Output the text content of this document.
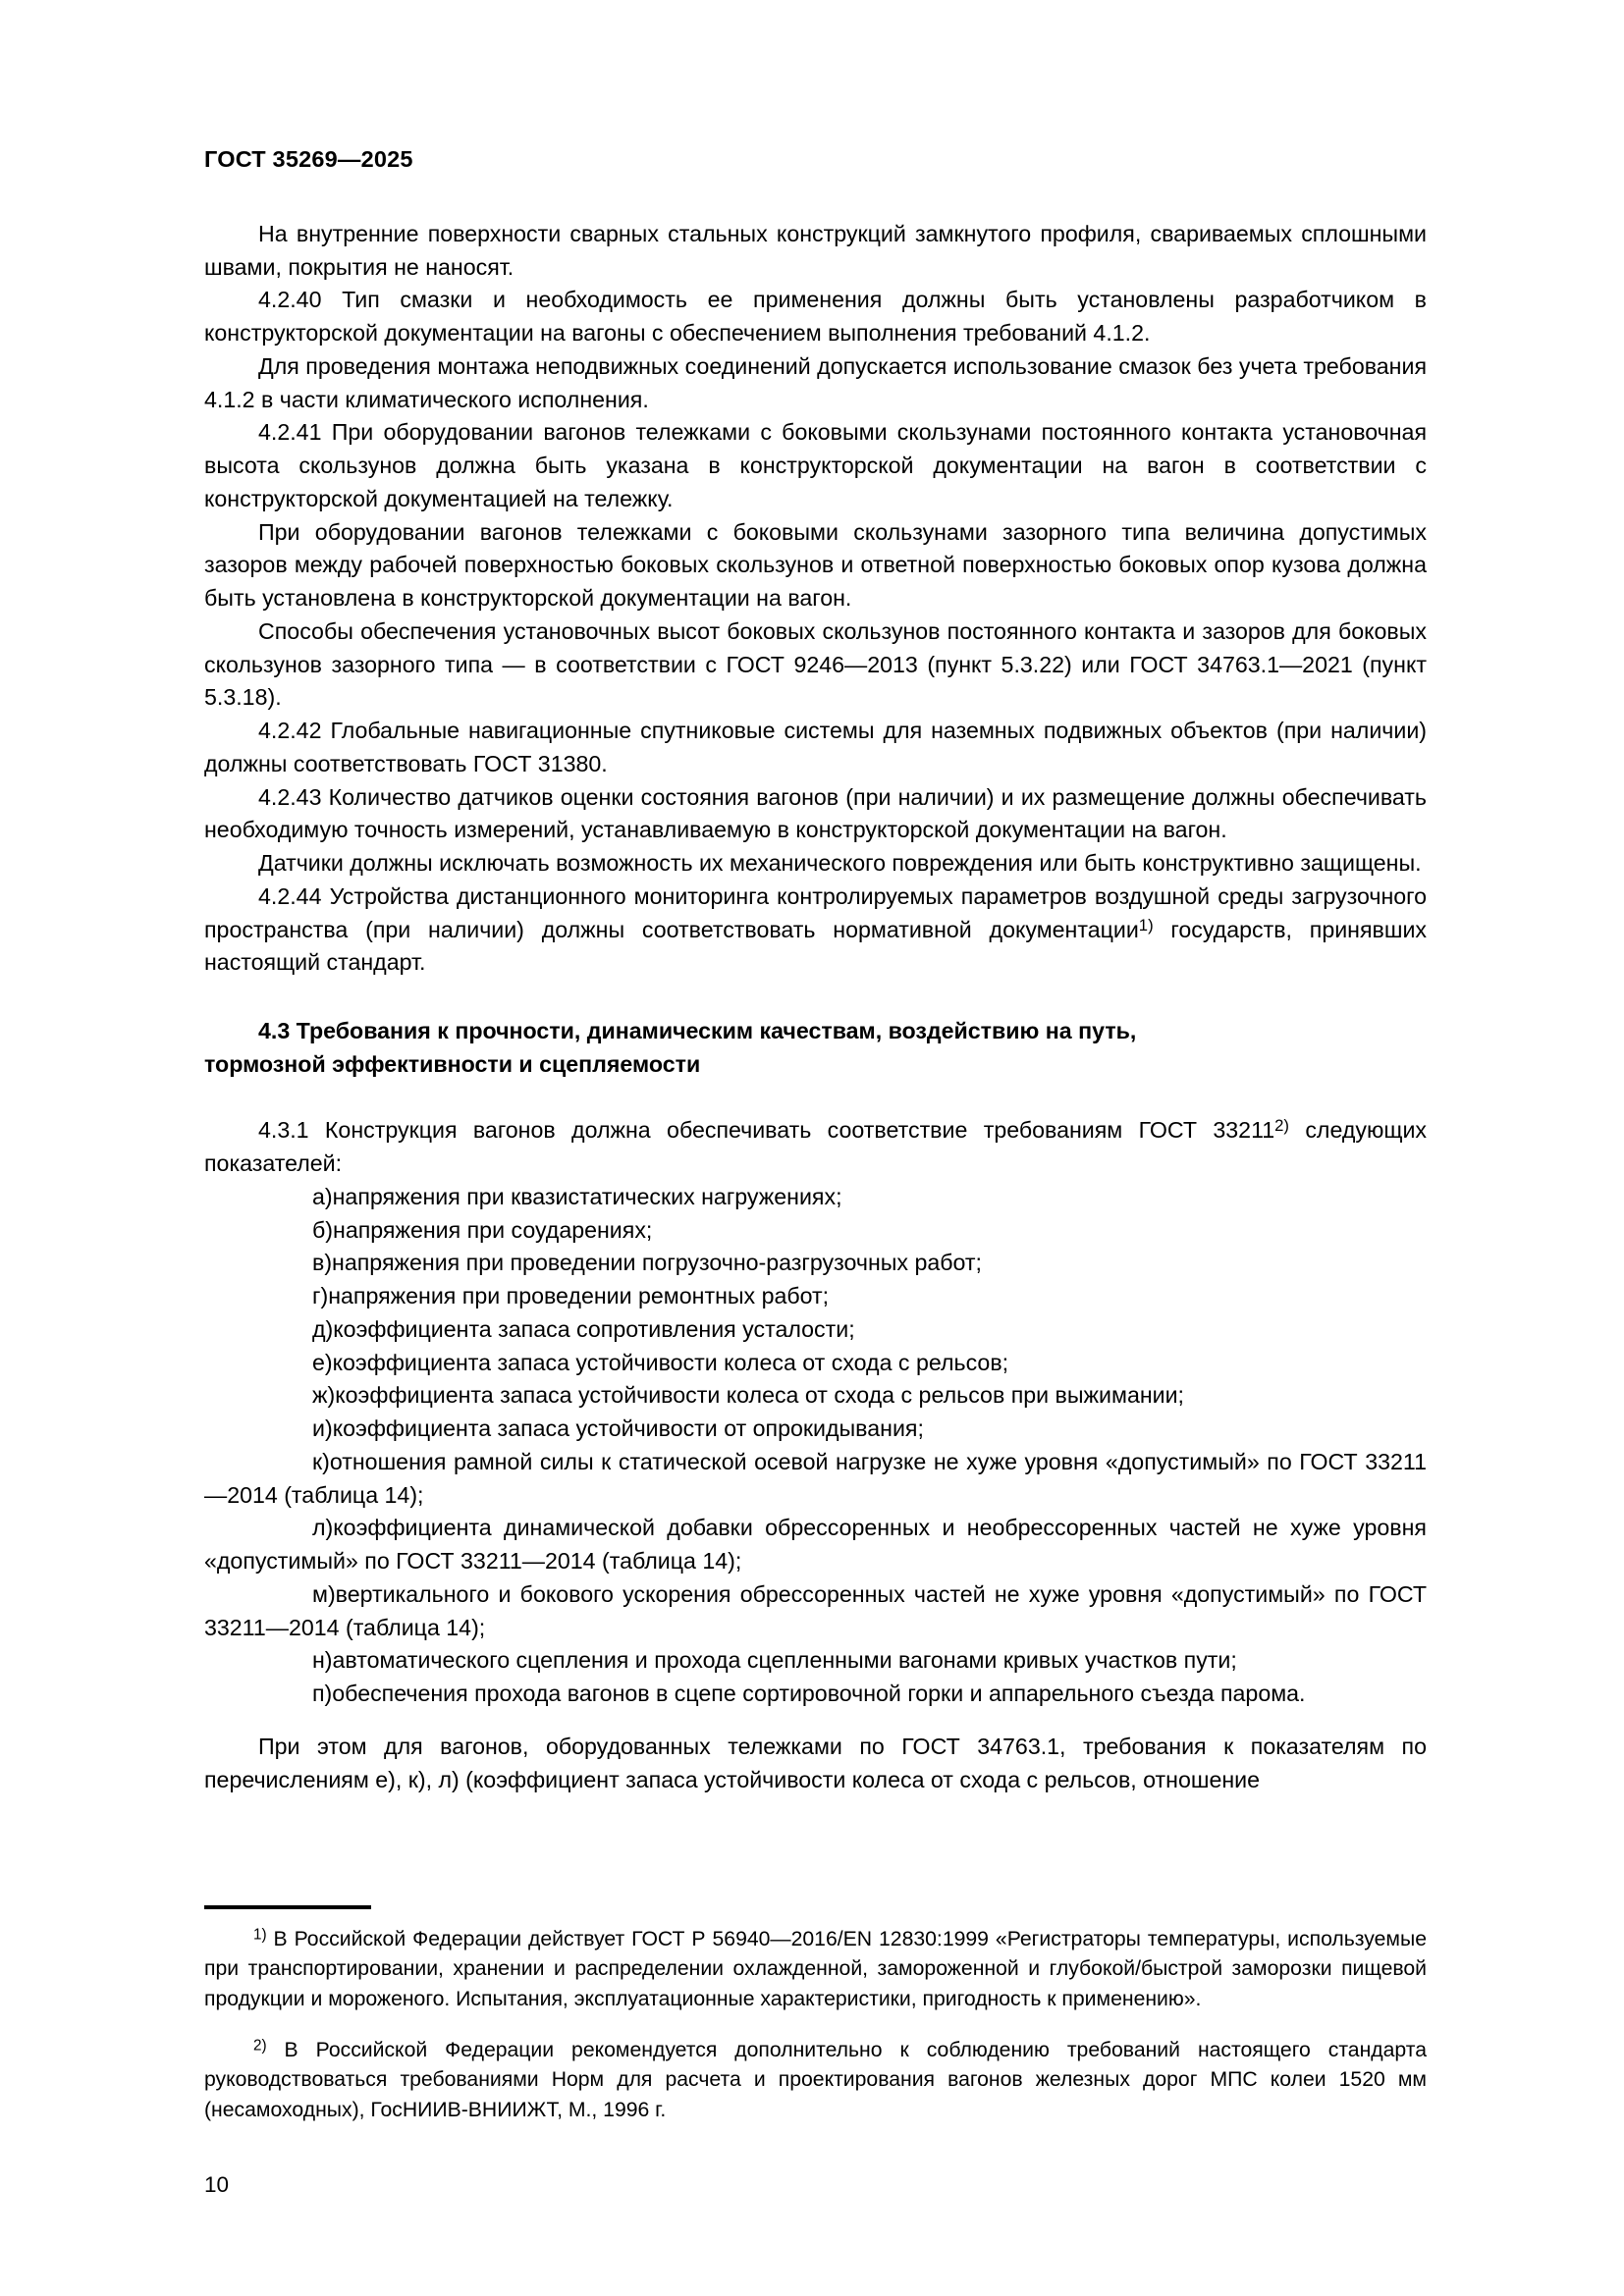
ГОСТ 35269—2025

На внутренние поверхности сварных стальных конструкций замкнутого профиля, свариваемых сплошными швами, покрытия не наносят.

4.2.40 Тип смазки и необходимость ее применения должны быть установлены разработчиком в конструкторской документации на вагоны с обеспечением выполнения требований 4.1.2.

Для проведения монтажа неподвижных соединений допускается использование смазок без учета требования 4.1.2 в части климатического исполнения.

4.2.41 При оборудовании вагонов тележками с боковыми скользунами постоянного контакта установочная высота скользунов должна быть указана в конструкторской документации на вагон в соответствии с конструкторской документацией на тележку.

При оборудовании вагонов тележками с боковыми скользунами зазорного типа величина допустимых зазоров между рабочей поверхностью боковых скользунов и ответной поверхностью боковых опор кузова должна быть установлена в конструкторской документации на вагон.

Способы обеспечения установочных высот боковых скользунов постоянного контакта и зазоров для боковых скользунов зазорного типа — в соответствии с ГОСТ 9246—2013 (пункт 5.3.22) или ГОСТ 34763.1—2021 (пункт 5.3.18).

4.2.42 Глобальные навигационные спутниковые системы для наземных подвижных объектов (при наличии) должны соответствовать ГОСТ 31380.

4.2.43 Количество датчиков оценки состояния вагонов (при наличии) и их размещение должны обеспечивать необходимую точность измерений, устанавливаемую в конструкторской документации на вагон.

Датчики должны исключать возможность их механического повреждения или быть конструктивно защищены.

4.2.44 Устройства дистанционного мониторинга контролируемых параметров воздушной среды загрузочного пространства (при наличии) должны соответствовать нормативной документации$^{1)}$ государств, принявших настоящий стандарт.

4.3 Требования к прочности, динамическим качествам, воздействию на путь,
тормозной эффективности и сцепляемости

4.3.1 Конструкция вагонов должна обеспечивать соответствие требованиям ГОСТ 33211$^{2)}$ следующих показателей:

а)напряжения при квазистатических нагружениях;

б)напряжения при соударениях;

в)напряжения при проведении погрузочно-разгрузочных работ;

г)напряжения при проведении ремонтных работ;

д)коэффициента запаса сопротивления усталости;

е)коэффициента запаса устойчивости колеса от схода с рельсов;

ж)коэффициента запаса устойчивости колеса от схода с рельсов при выжимании;

и)коэффициента запаса устойчивости от опрокидывания;

к)отношения рамной силы к статической осевой нагрузке не хуже уровня «допустимый» по ГОСТ 33211—2014 (таблица 14);

л)коэффициента динамической добавки обрессоренных и необрессоренных частей не хуже уровня «допустимый» по ГОСТ 33211—2014 (таблица 14);

м)вертикального и бокового ускорения обрессоренных частей не хуже уровня «допустимый» по ГОСТ 33211—2014 (таблица 14);

н)автоматического сцепления и прохода сцепленными вагонами кривых участков пути;

п)обеспечения прохода вагонов в сцепе сортировочной горки и аппарельного съезда парома.

При этом для вагонов, оборудованных тележками по ГОСТ 34763.1, требования к показателям по перечислениям е), к), л) (коэффициент запаса устойчивости колеса от схода с рельсов, отношение

$^{1)}$ В Российской Федерации действует ГОСТ Р 56940—2016/EN 12830:1999 «Регистраторы температуры, используемые при транспортировании, хранении и распределении охлажденной, замороженной и глубокой/быстрой заморозки пищевой продукции и мороженого. Испытания, эксплуатационные характеристики, пригодность к применению».

$^{2)}$ В Российской Федерации рекомендуется дополнительно к соблюдению требований настоящего стандарта руководствоваться требованиями Норм для расчета и проектирования вагонов железных дорог МПС колеи 1520 мм (несамоходных), ГосНИИВ-ВНИИЖТ, М., 1996 г.

10
